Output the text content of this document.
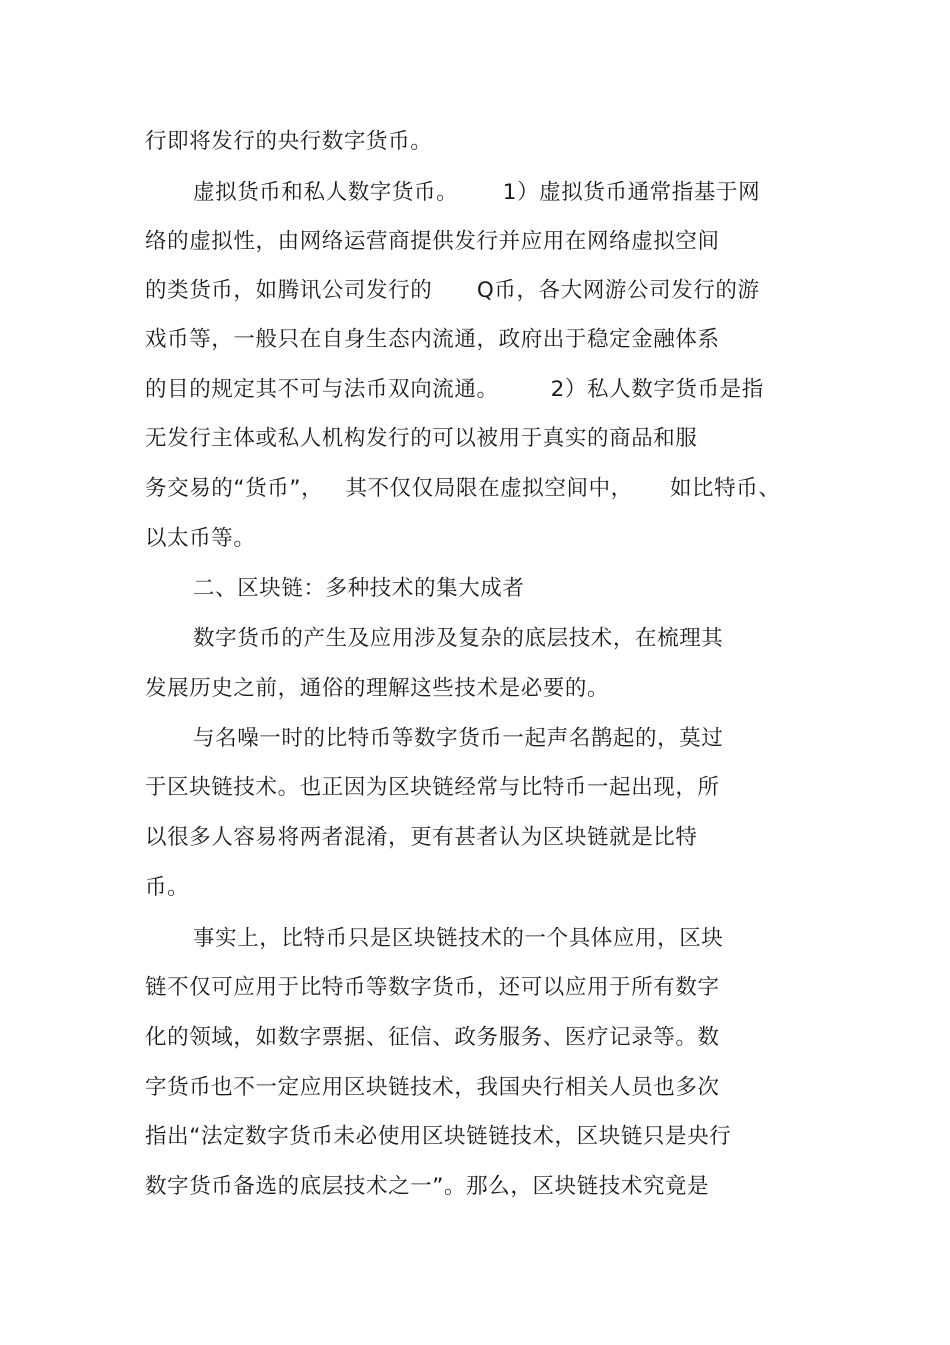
行即将发行的央行数字货币。
虚拟货币和私人数字货币。      1）虚拟货币通常指基于网
络的虚拟性，由网络运营商提供发行并应用在网络虚拟空间
的类货币，如腾讯公司发行的      Q币，各大网游公司发行的游
戏币等，一般只在自身生态内流通，政府出于稳定金融体系
的目的规定其不可与法币双向流通。       2）私人数字货币是指
无发行主体或私人机构发行的可以被用于真实的商品和服
务交易的“货币”，   其不仅仅局限在虚拟空间中，     如比特币、
以太币等。
二、区块链：多种技术的集大成者
数字货币的产生及应用涉及复杂的底层技术，在梳理其
发展历史之前，通俗的理解这些技术是必要的。
与名噪一时的比特币等数字货币一起声名鹊起的，莫过
于区块链技术。也正因为区块链经常与比特币一起出现，所
以很多人容易将两者混淆，更有甚者认为区块链就是比特
币。
事实上，比特币只是区块链技术的一个具体应用，区块
链不仅可应用于比特币等数字货币，还可以应用于所有数字
化的领域，如数字票据、征信、政务服务、医疗记录等。数
字货币也不一定应用区块链技术，我国央行相关人员也多次
指出“法定数字货币未必使用区块链链技术，区块链只是央行
数字货币备选的底层技术之一”。那么，区块链技术究竟是
